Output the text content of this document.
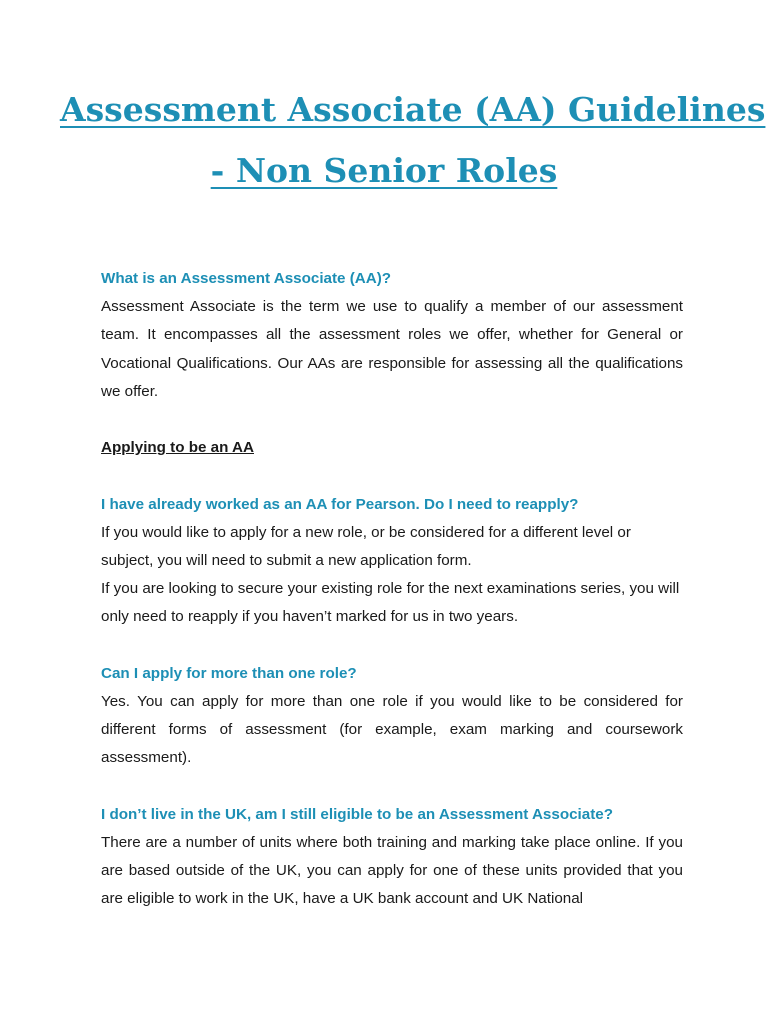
Assessment Associate (AA) Guidelines
- Non Senior Roles

What is an Assessment Associate (AA)?

Assessment Associate is the term we use to qualify a member of our assessment team. It encompasses all the assessment roles we offer, whether for General or Vocational Qualifications. Our AAs are responsible for assessing all the qualifications we offer.

Applying to be an AA

I have already worked as an AA for Pearson. Do I need to reapply?

If you would like to apply for a new role, or be considered for a different level or subject, you will need to submit a new application form.

If you are looking to secure your existing role for the next examinations series, you will only need to reapply if you haven’t marked for us in two years.

Can I apply for more than one role?

Yes. You can apply for more than one role if you would like to be considered for different forms of assessment (for example, exam marking and coursework assessment).

I don’t live in the UK, am I still eligible to be an Assessment Associate?

There are a number of units where both training and marking take place online. If you are based outside of the UK, you can apply for one of these units provided that you are eligible to work in the UK, have a UK bank account and UK National
